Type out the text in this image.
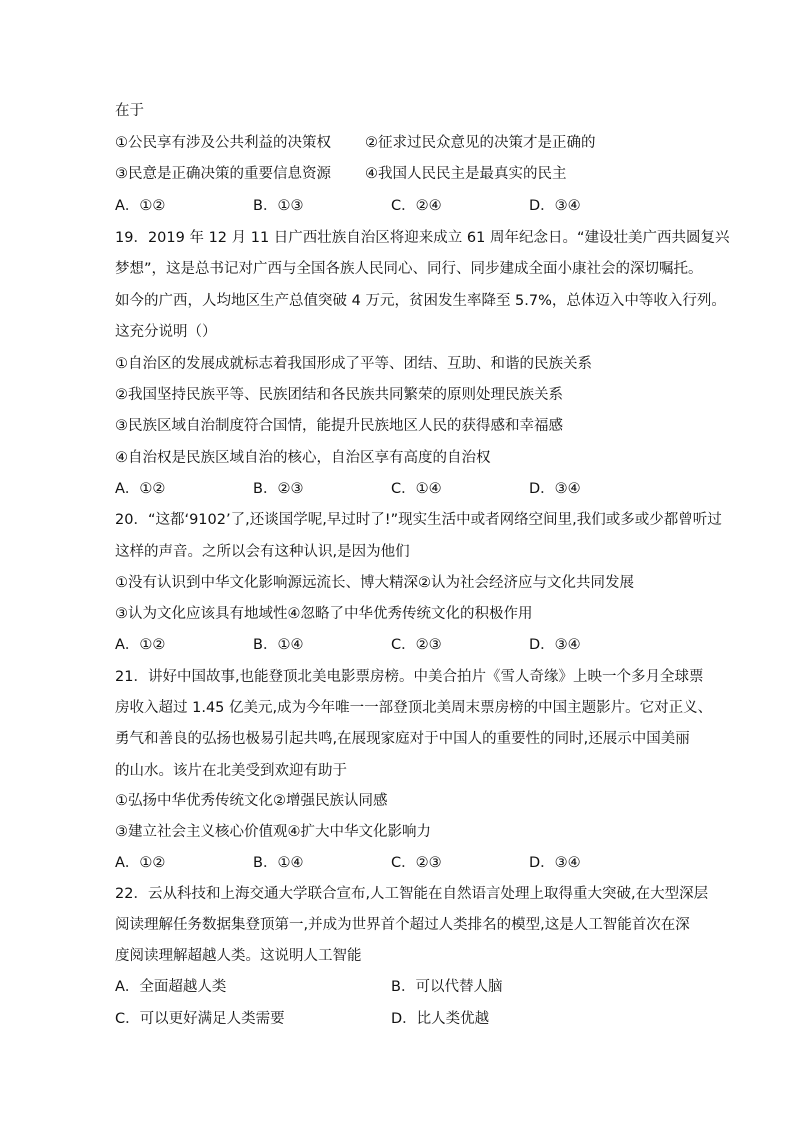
在于
①公民享有涉及公共利益的决策权 ②征求过民众意见的决策才是正确的
③民意是正确决策的重要信息资源 ④我国人民民主是最真实的民主
A．①②	B．①③	C．②④	D．③④
19．2019 年 12 月 11 日广西壮族自治区将迎来成立 61 周年纪念日。“建设壮美广西共圆复兴
梦想”，这是总书记对广西与全国各族人民同心、同行、同步建成全面小康社会的深切嘱托。
如今的广西，人均地区生产总值突破 4 万元，贫困发生率降至 5.7%，总体迈入中等收入行列。
这充分说明（）
①自治区的发展成就标志着我国形成了平等、团结、互助、和谐的民族关系
②我国坚持民族平等、民族团结和各民族共同繁荣的原则处理民族关系
③民族区域自治制度符合国情，能提升民族地区人民的获得感和幸福感
④自治权是民族区域自治的核心，自治区享有高度的自治权
A．①②	B．②③	C．①④	D．③④
20．“这都‘9102’了,还谈国学呢,早过时了!”现实生活中或者网络空间里,我们或多或少都曾听过
这样的声音。之所以会有这种认识,是因为他们
①没有认识到中华文化影响源远流长、博大精深②认为社会经济应与文化共同发展
③认为文化应该具有地域性④忽略了中华优秀传统文化的积极作用
A．①②	B．①④	C．②③	D．③④
21．讲好中国故事,也能登顶北美电影票房榜。中美合拍片《雪人奇缘》上映一个多月全球票
房收入超过 1.45 亿美元,成为今年唯一一部登顶北美周末票房榜的中国主题影片。它对正义、
勇气和善良的弘扬也极易引起共鸣,在展现家庭对于中国人的重要性的同时,还展示中国美丽
的山水。该片在北美受到欢迎有助于
①弘扬中华优秀传统文化②增强民族认同感
③建立社会主义核心价值观④扩大中华文化影响力
A．①②	B．①④	C．②③	D．③④
22．云从科技和上海交通大学联合宣布,人工智能在自然语言处理上取得重大突破,在大型深层
阅读理解任务数据集登顶第一,并成为世界首个超过人类排名的模型,这是人工智能首次在深
度阅读理解超越人类。这说明人工智能
A．全面超越人类	B．可以代替人脑
C．可以更好满足人类需要	D．比人类优越
